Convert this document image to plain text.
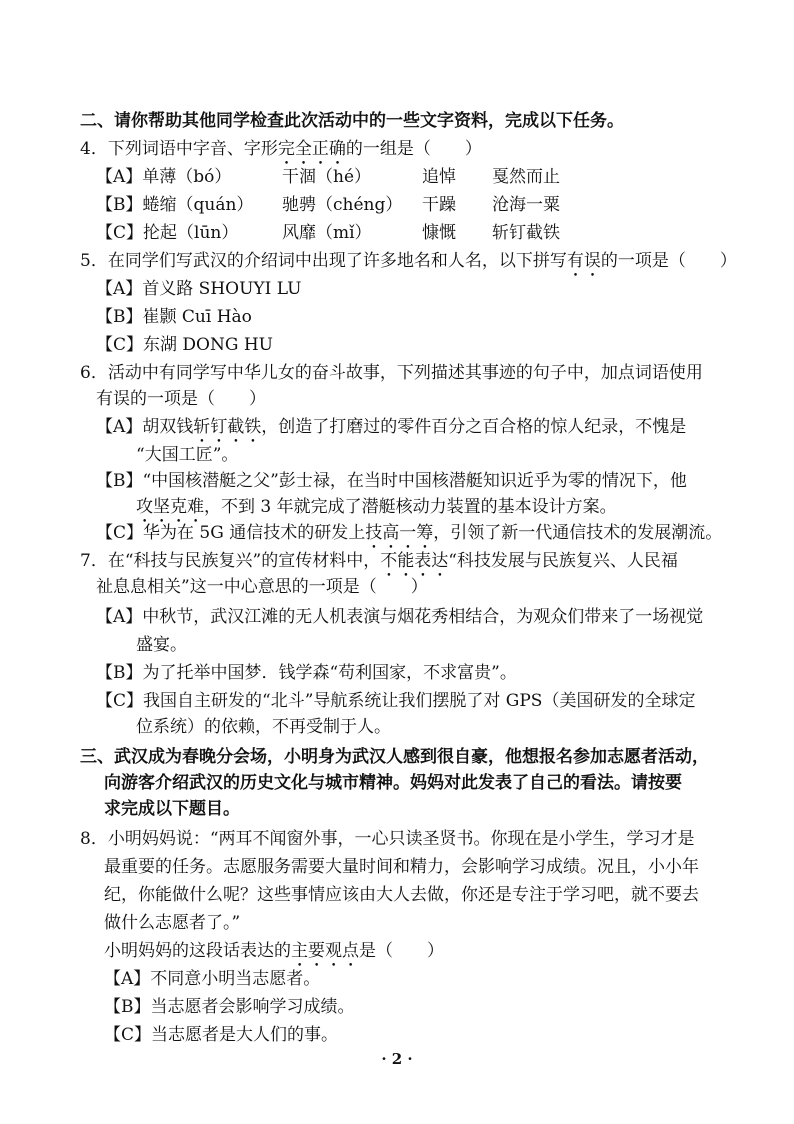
二、请你帮助其他同学检查此次活动中的一些文字资料，完成以下任务。
4．下列词语中字音、字形完全正确的一组是（　　）
【A】单薄（bó）	干涸（hé）	追悼 戛然而止
【B】蜷缩（quán） 驰骋（chéng） 干躁 沧海一粟
【C】抡起（lūn）	风靡（mǐ）	慷慨 斩钉截铁
5．在同学们写武汉的介绍词中出现了许多地名和人名，以下拼写有误的一项是（　　）
【A】首义路 SHOUYI LU
【B】崔颢 Cuī Hào
【C】东湖 DONG HU
6．活动中有同学写中华儿女的奋斗故事，下列描述其事迹的句子中，加点词语使用
有误的一项是（　　）
【A】胡双钱斩钉截铁，创造了打磨过的零件百分之百合格的惊人纪录，不愧是
“大国工匠”。
【B】“中国核潜艇之父”彭士禄，在当时中国核潜艇知识近乎为零的情况下，他
攻坚克难，不到 3 年就完成了潜艇核动力装置的基本设计方案。
【C】华为在 5G 通信技术的研发上技高一筹，引领了新一代通信技术的发展潮流。
7．在“科技与民族复兴”的宣传材料中，不能表达“科技发展与民族复兴、人民福
祉息息相关”这一中心意思的一项是（　　）
【A】中秋节，武汉江滩的无人机表演与烟花秀相结合，为观众们带来了一场视觉
盛宴。
【B】为了托举中国梦．钱学森“苟利国家，不求富贵”。
【C】我国自主研发的“北斗”导航系统让我们摆脱了对 GPS（美国研发的全球定
位系统）的依赖，不再受制于人。
三、武汉成为春晚分会场，小明身为武汉人感到很自豪，他想报名参加志愿者活动，
向游客介绍武汉的历史文化与城市精神。妈妈对此发表了自己的看法。请按要
求完成以下题目。
8．小明妈妈说：“两耳不闻窗外事，一心只读圣贤书。你现在是小学生，学习才是
最重要的任务。志愿服务需要大量时间和精力，会影响学习成绩。况且，小小年
纪，你能做什么呢？这些事情应该由大人去做，你还是专注于学习吧，就不要去
做什么志愿者了。”
小明妈妈的这段话表达的主要观点是（　　）
【A】不同意小明当志愿者。
【B】当志愿者会影响学习成绩。
【C】当志愿者是大人们的事。
· 2 ·
